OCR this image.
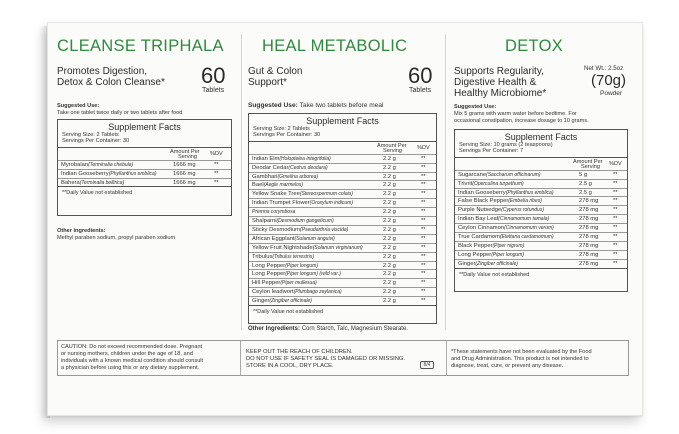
CLEANSE TRIPHALA HEAL METABOLIC	DETOX
Promotes Digestion,
Detox & Colon Cleanse* 60
Tablets
Suggested Use:
Take one tablet twice daily or two tablets after food
Supplement Facts
Serving Size: 2 Tablets
Servings Per Container: 30
Amount Per
Serving %DV
Myrobalan(Terminalia chebula)	1666 mg	**
Indian Gooseberry(Phyllanthus emblica)	1666 mg	**
Bahera(Terminalia bellirica)	1666 mg	**
**Daily Value not established
Other ingredients:
Methyl paraben sodium, propyl paraben sodium
Gut & Colon
Support*	60
Tablets
Suggested Use: Take two tablets before meal
Supplement Facts
Serving Size: 2 Tablets
Servings Per Container: 30
Amount Per
Serving	%DV
Indian Elm(Holoptelea integrifolia)	2.2 g	**
Deodar Cedar(Cedrus deodara)	2.2 g	**
Gambhari(Gmelina arborea)	2.2 g	**
Bael(Aegle marmelos)	2.2 g	**
Yellow Snake Tree(Stereospermum colais)	2.2 g	**
Indian Trumpet Flower(Oroxylum indicum)	2.2 g	**
Premna corymbosa	2.2 g	**
Shalparni(Desmodium gangeticum)	2.2 g	**
Sticky Desmodium(Pseudarthria viscida)	2.2 g	**
African Eggplant(Solanum anguivi)	2.2 g	**
Yellow Fruit Nightshade(Solanum virginianum)	2.2 g	**
Tribulus(Tribulus terrestris)	2.2 g	**
Long Pepper(Piper longum)	2.2 g	**
Long Pepper(Piper longum) (wild var.)	2.2 g	**
Hill Pepper(Piper mullesua)	2.2 g	**
Ceylon leadwort(Plumbago zeylanica)	2.2 g	**
Ginger(Zingiber officinale)	2.2 g	**
**Daily Value not established
Other Ingredients: Corn Starch, Talc, Magnesium Stearate.
Supports Regularity,
Digestive Health &
Healthy Microbiome*
Net Wt.: 2.5oz
(70g)
Powder
Suggested Use:
Mix 5 grams with warm water before bedtime. For
occasional constipation, increase dosage to 10 grams.
Supplement Facts
Serving Size: 10 grams (2 teaspoons)
Servings Per Container: 7
Amount Per
Serving %DV
Sugarcane(Saccharum officinarum)	5 g	**
Trivrit(Operculina turpethum)	2.5 g	**
Indian Gooseberry(Phyllanthus emblica)	2.5 g	**
False Black Pepper(Embelia ribes)	278 mg	**
Purple Nutsedge(Cyperus rotundus)	278 mg	**
Indian Bay Leaf(Cinnamomum tamala)	278 mg	**
Ceylon Cinnamon(Cinnamomum verum)	278 mg	**
True Cardamom(Elettaria cardamomum)	278 mg	**
Black Pepper(Piper nigrum)	278 mg	**
Long Pepper(Piper longum)	278 mg	**
Ginger(Zingiber officinale)	278 mg	**
**Daily Value not established
CAUTION: Do not exceed recommended dose. Pregnant
or nursing mothers, children under the age of 18, and
individuals with a known medical condition should consult
a physician before using this or any dietary supplement.
KEEP OUT THE REACH OF CHILDREN.
DO NOT USE IF SAFETY SEAL IS DAMAGED OR MISSING.
STORE IN A COOL, DRY PLACE.	8/4
*These statements have not been evaluated by the Food
and Drug Administration. This product is not intended to
diagnose, treat, cure, or prevent any disease.
